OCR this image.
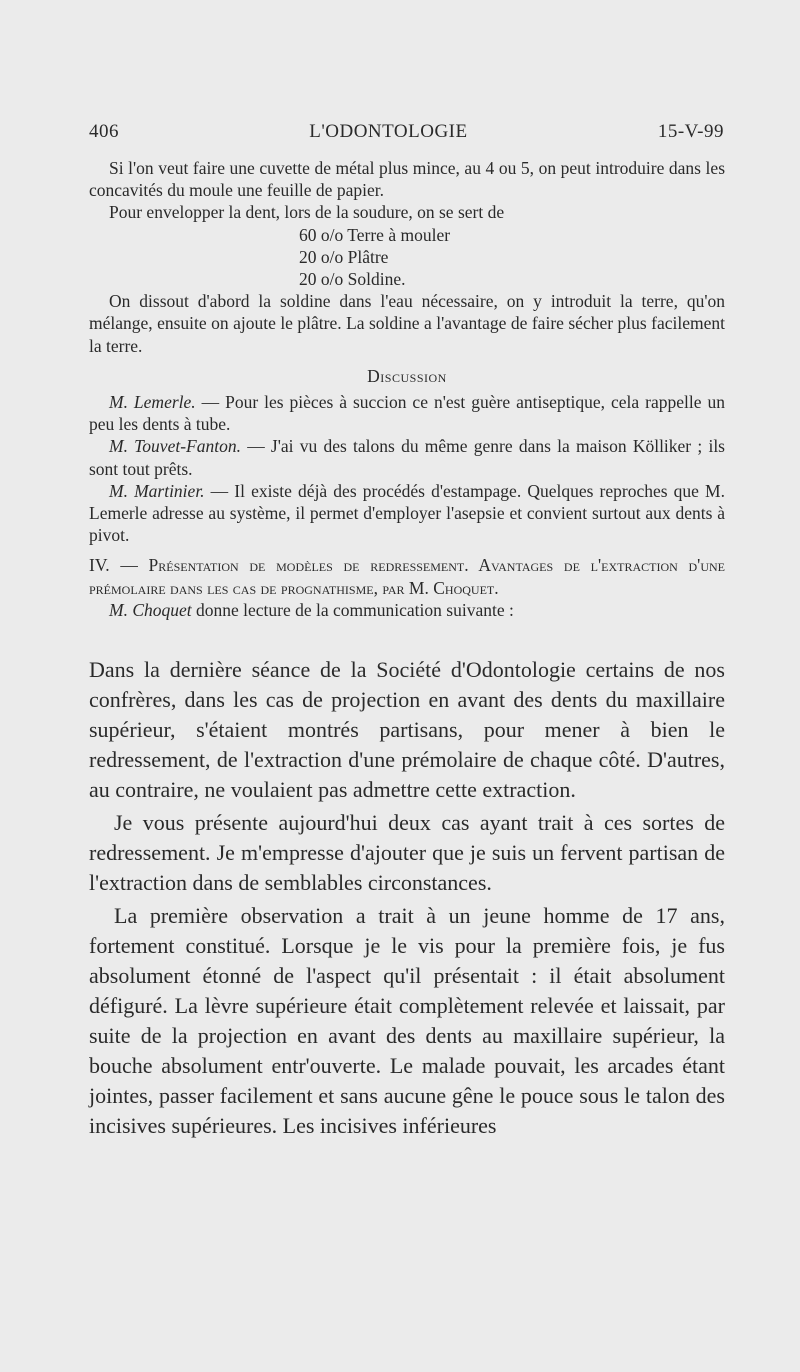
406	L'ODONTOLOGIE	15-V-99

Si l'on veut faire une cuvette de métal plus mince, au 4 ou 5, on peut introduire dans les concavités du moule une feuille de papier.

Pour envelopper la dent, lors de la soudure, on se sert de

60 o/o Terre à mouler
20 o/o Plâtre
20 o/o Soldine.

On dissout d'abord la soldine dans l'eau nécessaire, on y introduit la terre, qu'on mélange, ensuite on ajoute le plâtre. La soldine a l'avantage de faire sécher plus facilement la terre.

Discussion

M. Lemerle. — Pour les pièces à succion ce n'est guère antiseptique, cela rappelle un peu les dents à tube.

M. Touvet-Fanton. — J'ai vu des talons du même genre dans la maison Kölliker ; ils sont tout prêts.

M. Martinier. — Il existe déjà des procédés d'estampage. Quelques reproches que M. Lemerle adresse au système, il permet d'employer l'asepsie et convient surtout aux dents à pivot.

IV. — Présentation de modèles de redressement. Avantages de l'extraction d'une prémolaire dans les cas de prognathisme, par M. Choquet.

M. Choquet donne lecture de la communication suivante :

Dans la dernière séance de la Société d'Odontologie certains de nos confrères, dans les cas de projection en avant des dents du maxillaire supérieur, s'étaient montrés partisans, pour mener à bien le redressement, de l'extraction d'une prémolaire de chaque côté. D'autres, au contraire, ne voulaient pas admettre cette extraction.

Je vous présente aujourd'hui deux cas ayant trait à ces sortes de redressement. Je m'empresse d'ajouter que je suis un fervent partisan de l'extraction dans de semblables circonstances.

La première observation a trait à un jeune homme de 17 ans, fortement constitué. Lorsque je le vis pour la première fois, je fus absolument étonné de l'aspect qu'il présentait : il était absolument défiguré. La lèvre supérieure était complètement relevée et laissait, par suite de la projection en avant des dents au maxillaire supérieur, la bouche absolument entr'ouverte. Le malade pouvait, les arcades étant jointes, passer facilement et sans aucune gêne le pouce sous le talon des incisives supérieures. Les incisives inférieures
